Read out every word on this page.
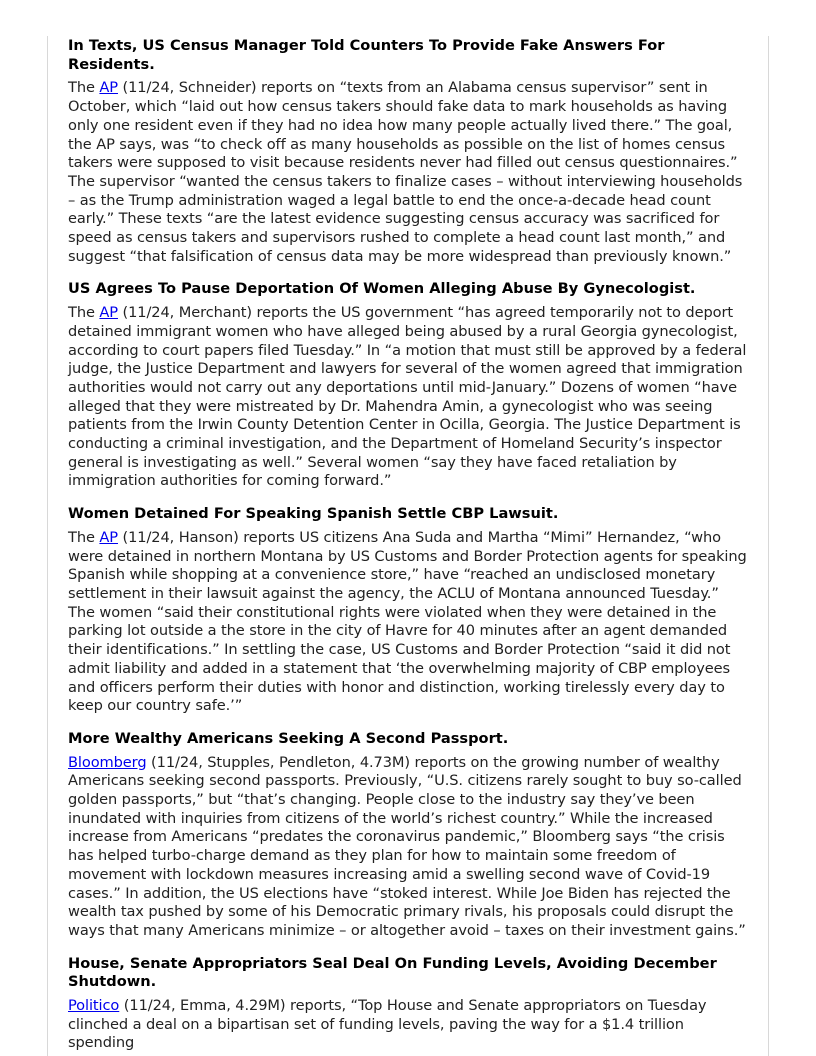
In Texts, US Census Manager Told Counters To Provide Fake Answers For Residents.

The AP (11/24, Schneider) reports on “texts from an Alabama census supervisor” sent in October, which “laid out how census takers should fake data to mark households as having only one resident even if they had no idea how many people actually lived there.” The goal, the AP says, was “to check off as many households as possible on the list of homes census takers were supposed to visit because residents never had filled out census questionnaires.” The supervisor “wanted the census takers to finalize cases – without interviewing households – as the Trump administration waged a legal battle to end the once-a-decade head count early.” These texts “are the latest evidence suggesting census accuracy was sacrificed for speed as census takers and supervisors rushed to complete a head count last month,” and suggest “that falsification of census data may be more widespread than previously known.”

US Agrees To Pause Deportation Of Women Alleging Abuse By Gynecologist.

The AP (11/24, Merchant) reports the US government “has agreed temporarily not to deport detained immigrant women who have alleged being abused by a rural Georgia gynecologist, according to court papers filed Tuesday.” In “a motion that must still be approved by a federal judge, the Justice Department and lawyers for several of the women agreed that immigration authorities would not carry out any deportations until mid-January.” Dozens of women “have alleged that they were mistreated by Dr. Mahendra Amin, a gynecologist who was seeing patients from the Irwin County Detention Center in Ocilla, Georgia. The Justice Department is conducting a criminal investigation, and the Department of Homeland Security’s inspector general is investigating as well.” Several women “say they have faced retaliation by immigration authorities for coming forward.”

Women Detained For Speaking Spanish Settle CBP Lawsuit.

The AP (11/24, Hanson) reports US citizens Ana Suda and Martha “Mimi” Hernandez, “who were detained in northern Montana by US Customs and Border Protection agents for speaking Spanish while shopping at a convenience store,” have “reached an undisclosed monetary settlement in their lawsuit against the agency, the ACLU of Montana announced Tuesday.” The women “said their constitutional rights were violated when they were detained in the parking lot outside a the store in the city of Havre for 40 minutes after an agent demanded their identifications.” In settling the case, US Customs and Border Protection “said it did not admit liability and added in a statement that ‘the overwhelming majority of CBP employees and officers perform their duties with honor and distinction, working tirelessly every day to keep our country safe.’”

More Wealthy Americans Seeking A Second Passport.

Bloomberg (11/24, Stupples, Pendleton, 4.73M) reports on the growing number of wealthy Americans seeking second passports. Previously, “U.S. citizens rarely sought to buy so-called golden passports,” but “that’s changing. People close to the industry say they’ve been inundated with inquiries from citizens of the world’s richest country.” While the increased increase from Americans “predates the coronavirus pandemic,” Bloomberg says “the crisis has helped turbo-charge demand as they plan for how to maintain some freedom of movement with lockdown measures increasing amid a swelling second wave of Covid-19 cases.” In addition, the US elections have “stoked interest. While Joe Biden has rejected the wealth tax pushed by some of his Democratic primary rivals, his proposals could disrupt the ways that many Americans minimize – or altogether avoid – taxes on their investment gains.”

House, Senate Appropriators Seal Deal On Funding Levels, Avoiding December Shutdown.

Politico (11/24, Emma, 4.29M) reports, “Top House and Senate appropriators on Tuesday clinched a deal on a bipartisan set of funding levels, paving the way for a $1.4 trillion spending
